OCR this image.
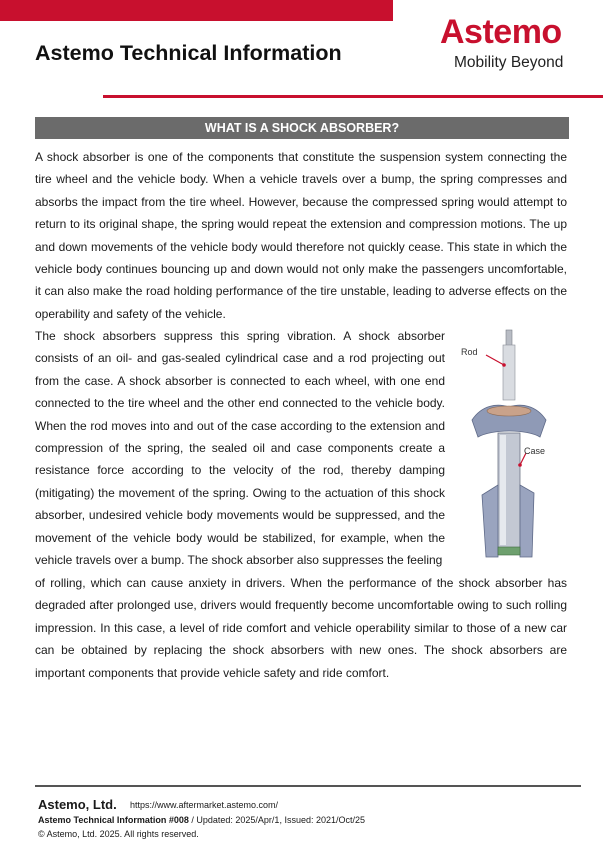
Astemo Technical Information
Astemo
Mobility Beyond
WHAT IS A SHOCK ABSORBER?

A shock absorber is one of the components that constitute the suspension system connecting the tire wheel and the vehicle body. When a vehicle travels over a bump, the spring compresses and absorbs the impact from the tire wheel. However, because the compressed spring would attempt to return to its original shape, the spring would repeat the extension and compression motions. The up and down movements of the vehicle body would therefore not quickly cease. This state in which the vehicle body continues bouncing up and down would not only make the passengers uncomfortable, it can also make the road holding performance of the tire unstable, leading to adverse effects on the operability and safety of the vehicle.

The shock absorbers suppress this spring vibration. A shock absorber consists of an oil- and gas-sealed cylindrical case and a rod projecting out from the case. A shock absorber is connected to each wheel, with one end connected to the tire wheel and the other end connected to the vehicle body. When the rod moves into and out of the case according to the extension and compression of the spring, the sealed oil and case components create a resistance force according to the velocity of the rod, thereby damping (mitigating) the movement of the spring. Owing to the actuation of this shock absorber, undesired vehicle body movements would be suppressed, and the movement of the vehicle body would be stabilized, for example, when the vehicle travels over a bump. The shock absorber also suppresses the feeling

Rod
Case

of rolling, which can cause anxiety in drivers. When the performance of the shock absorber has degraded after prolonged use, drivers would frequently become uncomfortable owing to such rolling impression. In this case, a level of ride comfort and vehicle operability similar to those of a new car can be obtained by replacing the shock absorbers with new ones. The shock absorbers are important components that provide vehicle safety and ride comfort.

Astemo, Ltd. https://www.aftermarket.astemo.com/
Astemo Technical Information #008 / Updated: 2025/Apr/1, Issued: 2021/Oct/25
© Astemo, Ltd. 2025. All rights reserved.
